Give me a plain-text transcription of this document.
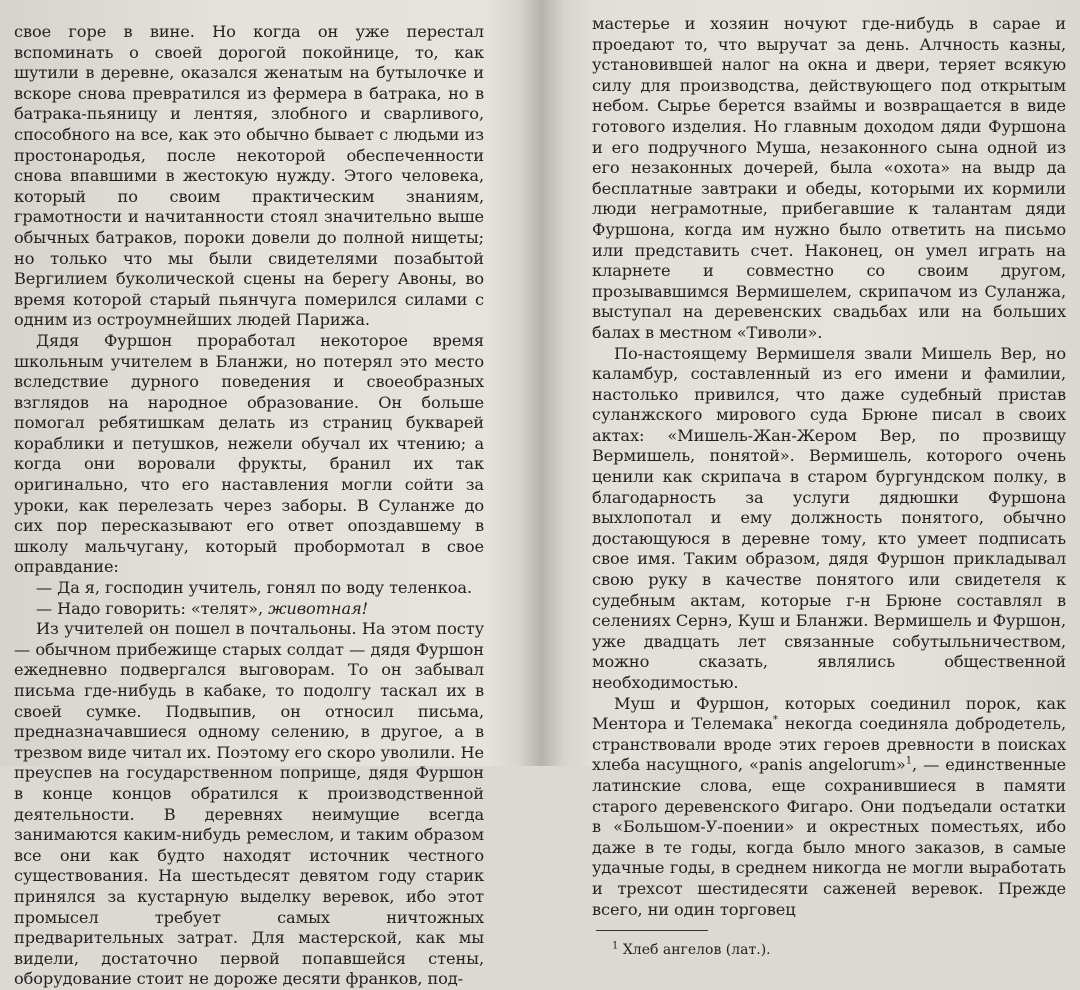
свое горе в вине. Но когда он уже перестал вспоминать о своей дорогой покойнице, то, как шутили в деревне, оказался женатым на бутылочке и вскоре снова превратился из фермера в батрака, но в батрака-пьяницу и лентяя, злобного и сварливого, способного на все, как это обычно бывает с людьми из простонародья, после некоторой обеспеченности снова впавшими в жестокую нужду. Этого человека, который по своим практическим знаниям, грамотности и начитанности стоял значительно выше обычных батраков, пороки довели до полной нищеты; но только что мы были свидетелями позабытой Вергилием буколической сцены на берегу Авоны, во время которой старый пьянчуга померился силами с одним из остроумнейших людей Парижа.

Дядя Фуршон проработал некоторое время школьным учителем в Бланжи, но потерял это место вследствие дурного поведения и своеобразных взглядов на народное образование. Он больше помогал ребятишкам делать из страниц букварей кораблики и петушков, нежели обучал их чтению; а когда они воровали фрукты, бранил их так оригинально, что его наставления могли сойти за уроки, как перелезать через заборы. В Суланже до сих пор пересказывают его ответ опоздавшему в школу мальчугану, который пробормотал в свое оправдание:

— Да я, господин учитель, гонял по воду теленкоа.

— Надо говорить: «телят», животная!

Из учителей он пошел в почтальоны. На этом посту — обычном прибежище старых солдат — дядя Фуршон ежедневно подвергался выговорам. То он забывал письма где-нибудь в кабаке, то подолгу таскал их в своей сумке. Подвыпив, он относил письма, предназначавшиеся одному селению, в другое, а в трезвом виде читал их. Поэтому его скоро уволили. Не преуспев на государственном поприще, дядя Фуршон в конце концов обратился к производственной деятельности. В деревнях неимущие всегда занимаются каким-нибудь ремеслом, и таким образом все они как будто находят источник честного существования. На шестьдесят девятом году старик принялся за кустарную выделку веревок, ибо этот промысел требует самых ничтожных предварительных затрат. Для мастерской, как мы видели, достаточно первой попавшейся стены, оборудование стоит не дороже десяти франков, под-

мастерье и хозяин ночуют где-нибудь в сарае и проедают то, что выручат за день. Алчность казны, установившей налог на окна и двери, теряет всякую силу для производства, действующего под открытым небом. Сырье берется взаймы и возвращается в виде готового изделия. Но главным доходом дяди Фуршона и его подручного Муша, незаконного сына одной из его незаконных дочерей, была «охота» на выдр да бесплатные завтраки и обеды, которыми их кормили люди неграмотные, прибегавшие к талантам дяди Фуршона, когда им нужно было ответить на письмо или представить счет. Наконец, он умел играть на кларнете и совместно со своим другом, прозывавшимся Вермишелем, скрипачом из Суланжа, выступал на деревенских свадьбах или на больших балах в местном «Тиволи».

По-настоящему Вермишеля звали Мишель Вер, но каламбур, составленный из его имени и фамилии, настолько привился, что даже судебный пристав суланжского мирового суда Брюне писал в своих актах: «Мишель-Жан-Жером Вер, по прозвищу Вермишель, понятой». Вермишель, которого очень ценили как скрипача в старом бургундском полку, в благодарность за услуги дядюшки Фуршона выхлопотал и ему должность понятого, обычно достающуюся в деревне тому, кто умеет подписать свое имя. Таким образом, дядя Фуршон прикладывал свою руку в качестве понятого или свидетеля к судебным актам, которые г-н Брюне составлял в селениях Сернэ, Куш и Бланжи. Вермишель и Фуршон, уже двадцать лет связанные собутыльничеством, можно сказать, являлись общественной необходимостью.

Муш и Фуршон, которых соединил порок, как Ментора и Телемака* некогда соединяла добродетель, странствовали вроде этих героев древности в поисках хлеба насущного, «panis angelorum»$^1$, — единственные латинские слова, еще сохранившиеся в памяти старого деревенского Фигаро. Они подъедали остатки в «Большом-У-поении» и окрестных поместьях, ибо даже в те годы, когда было много заказов, в самые удачные годы, в среднем никогда не могли выработать и трехсот шестидесяти саженей веревок. Прежде всего, ни один торговец

$^1$ Хлеб ангелов (лат.).
